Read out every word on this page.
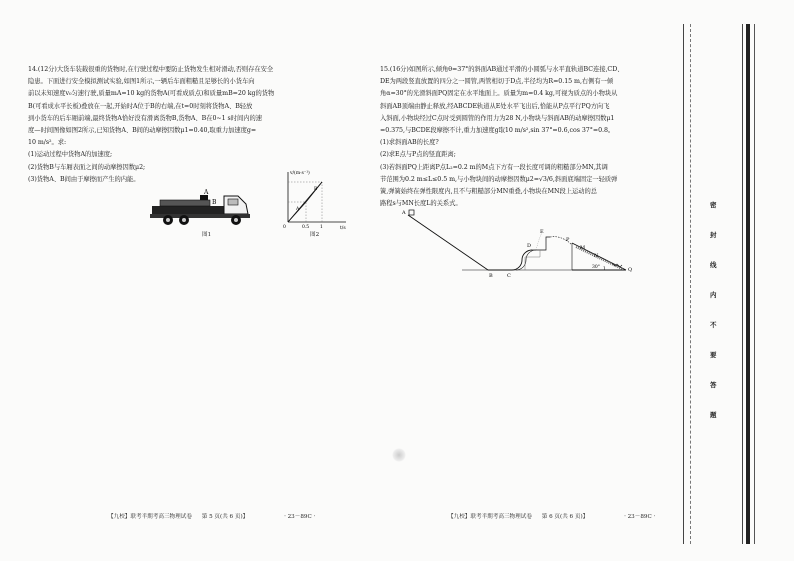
14.(12分)大货车装载很重的货物时,在行驶过程中要防止货物发生相对滑动,否则存在安全

隐患。下面进行安全模拟测试实验,如图1所示,一辆后车面粗糙且足够长的小货车向

前以未知速度v₀匀速行驶,质量mA=10 kg的货物A(可看成质点)和质量mB=20 kg的货物

B(可看成水平长板)叠放在一起,开始时A位于B的右端,在t=0时刻将货物A、B轻放

到小货车的后车厢前端,最终货物A恰好没有滑离货物B,货物A、B在0~1 s时间内的速

度—时间图像如图2所示,已知货物A、B间的动摩擦因数μ1=0.40,取重力加速度g=

10 m/s²。求:

(1)运动过程中货物A的加速度;

(2)货物B与车厢表面之间的动摩擦因数μ2;

(3)货物A、B间由于摩擦而产生的内能。

A
B
图1
v/(m·s⁻¹)
t/s
0	0.5 1
B
A
图2

15.(16分)如图所示,倾角θ=37°的斜面AB通过平滑的小圆弧与水平直轨道BC连接,CD、

DE为两段竖直放置的四分之一圆管,两管相切于D点,半径均为R=0.15 m,右侧有一倾

角α=30°的光滑斜面PQ固定在水平地面上。质量为m=0.4 kg,可视为质点的小物块从

斜面AB顶端由静止释放,经ABCDE轨道从E处水平飞出后,恰能从P点平行PQ方向飞

入斜面,小物块经过C点时受到圆管的作用力为28 N,小物块与斜面AB的动摩擦因数μ1

=0.375,与BCDE段摩擦不计,重力加速度g取10 m/s²,sin 37°=0.6,cos 37°=0.8。

(1)求斜面AB的长度?

(2)求E点与P点的竖直距离;

(3)若斜面PQ上距离P点L₂=0.2 m的M点下方有一段长度可调的粗糙部分MN,其调

节范围为0.2 m≤L≤0.5 m,与小物块间的动摩擦因数μ2=√3/6,斜面底端固定一轻质弹

簧,弹簧始终在弹性限度内,且不与粗糙部分MN重叠,小物块在MN段上运动的总

路程s与MN长度L的关系式。

A
B	C
D
E
P
M
N
Q
30°
【九校】联考半期考高三物理试卷 第 5 页(共 6 页)】	· 23－89C ·	【九校】联考半期考高三物理试卷 第 6 页(共 6 页)】	· 23－89C ·
密
封
线
内
不
要
答
题
